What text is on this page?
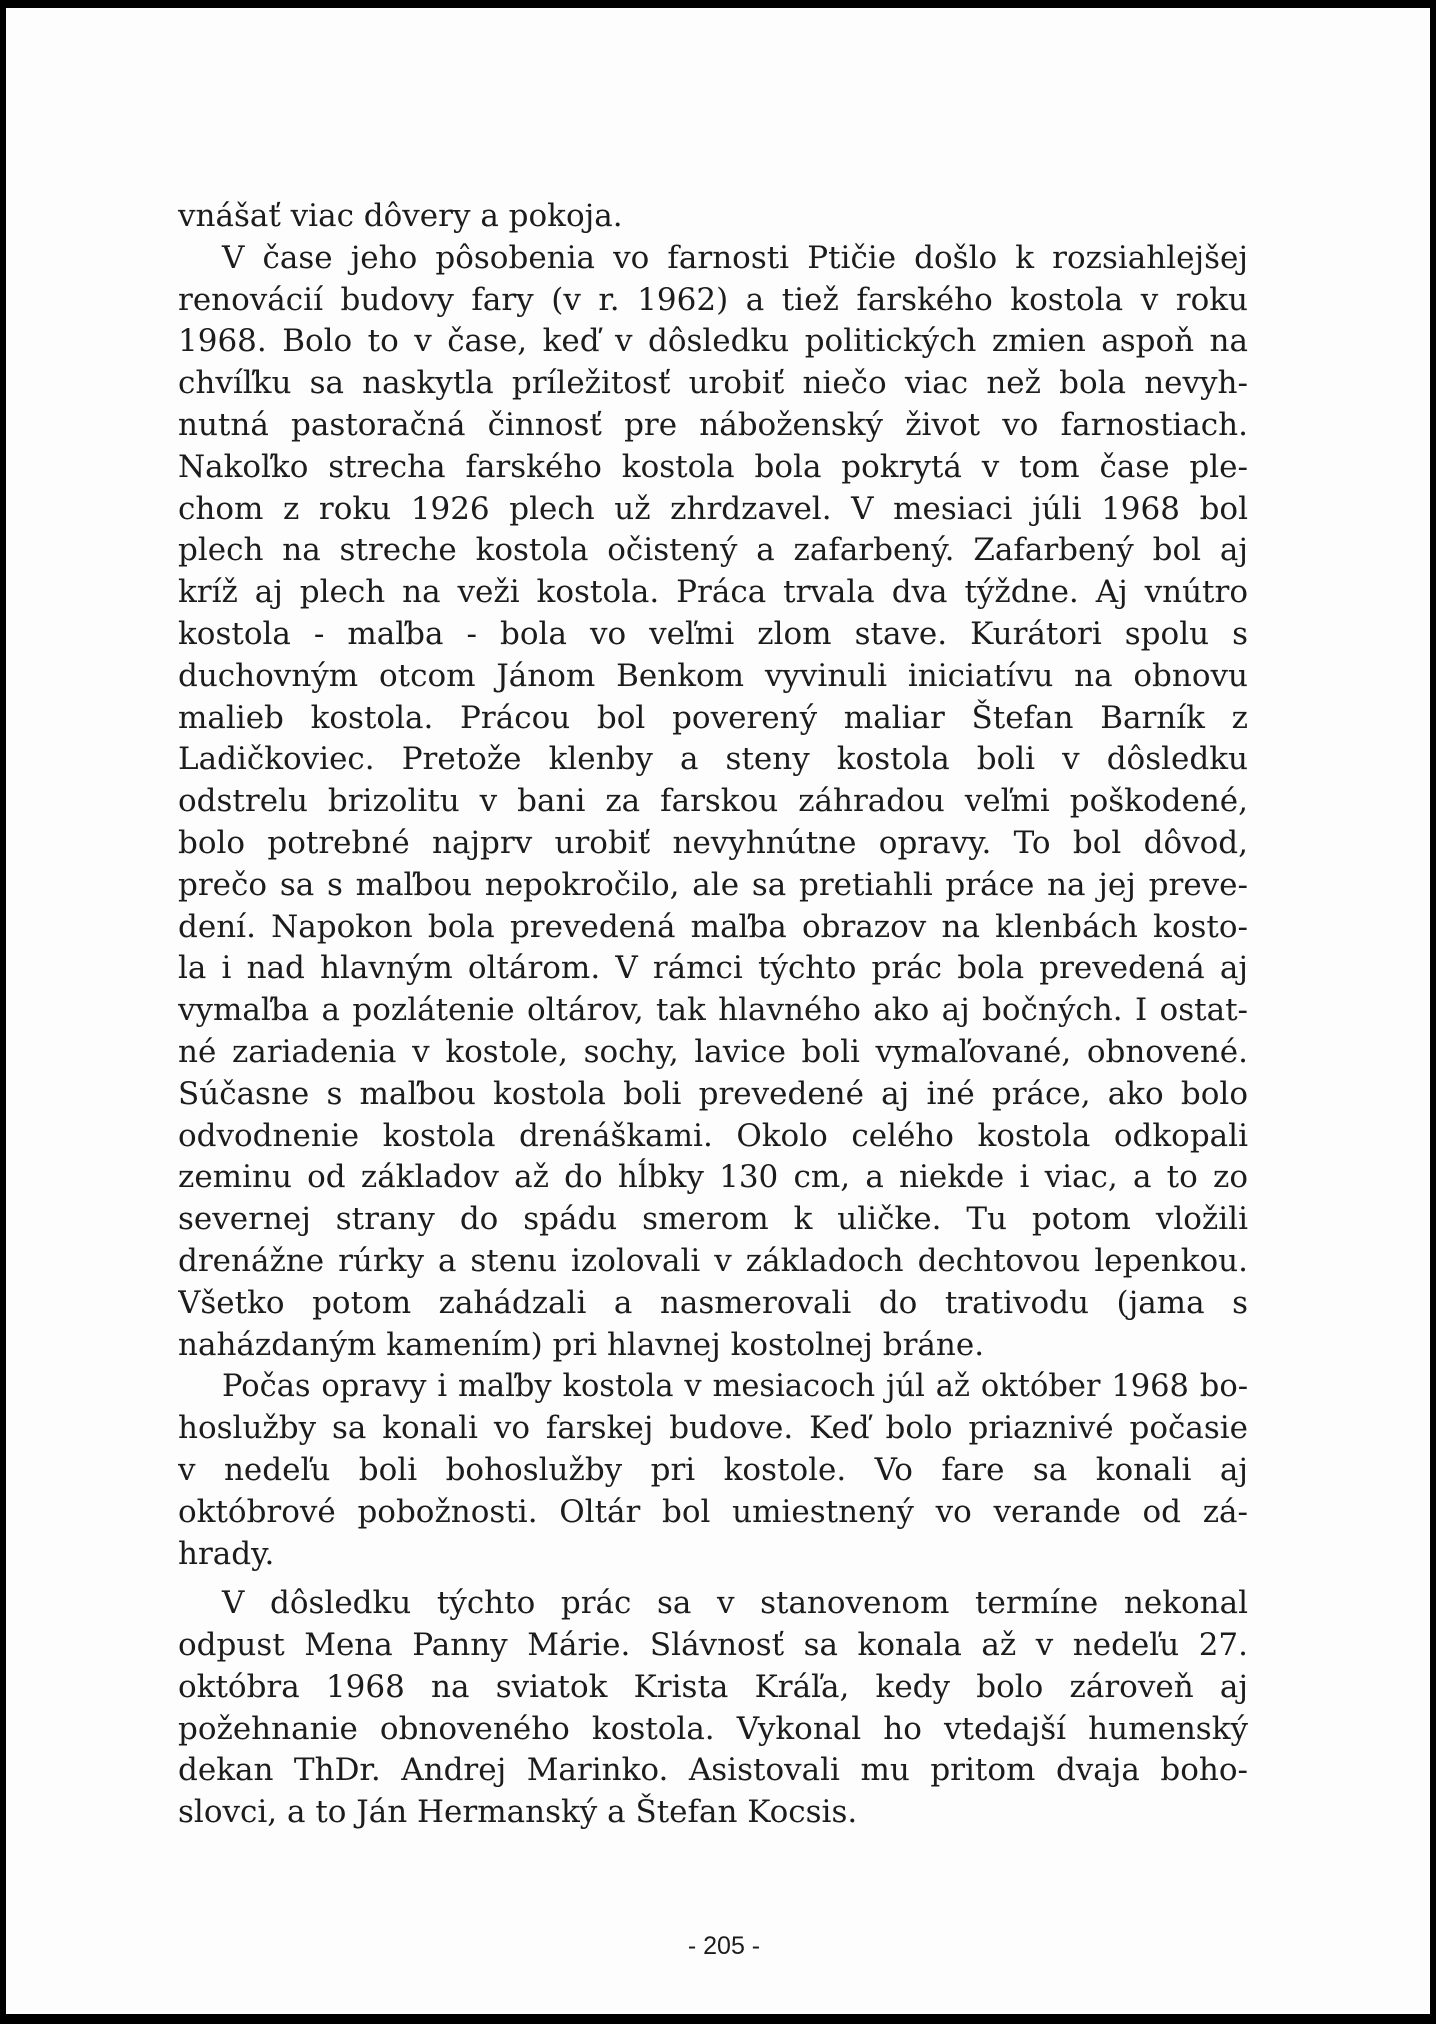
vnášať viac dôvery a pokoja.
V čase jeho pôsobenia vo farnosti Ptičie došlo k rozsiahlejšej
renovácií budovy fary (v r. 1962) a tiež farského kostola v roku
1968. Bolo to v čase, keď v dôsledku politických zmien aspoň na
chvíľku sa naskytla príležitosť urobiť niečo viac než bola nevyh-
nutná pastoračná činnosť pre náboženský život vo farnostiach.
Nakoľko strecha farského kostola bola pokrytá v tom čase ple-
chom z roku 1926 plech už zhrdzavel. V mesiaci júli 1968 bol
plech na streche kostola očistený a zafarbený. Zafarbený bol aj
kríž aj plech na veži kostola. Práca trvala dva týždne. Aj vnútro
kostola - maľba - bola vo veľmi zlom stave. Kurátori spolu s
duchovným otcom Jánom Benkom vyvinuli iniciatívu na obnovu
malieb kostola. Prácou bol poverený maliar Štefan Barník z
Ladičkoviec. Pretože klenby a steny kostola boli v dôsledku
odstrelu brizolitu v bani za farskou záhradou veľmi poškodené,
bolo potrebné najprv urobiť nevyhnútne opravy. To bol dôvod,
prečo sa s maľbou nepokročilo, ale sa pretiahli práce na jej preve-
dení. Napokon bola prevedená maľba obrazov na klenbách kosto-
la i nad hlavným oltárom. V rámci týchto prác bola prevedená aj
vymaľba a pozlátenie oltárov, tak hlavného ako aj bočných. I ostat-
né zariadenia v kostole, sochy, lavice boli vymaľované, obnovené.
Súčasne s maľbou kostola boli prevedené aj iné práce, ako bolo
odvodnenie kostola drenáškami. Okolo celého kostola odkopali
zeminu od základov až do hĺbky 130 cm, a niekde i viac, a to zo
severnej strany do spádu smerom k uličke. Tu potom vložili
drenážne rúrky a stenu izolovali v základoch dechtovou lepenkou.
Všetko potom zahádzali a nasmerovali do trativodu (jama s
naházdaným kamením) pri hlavnej kostolnej bráne.
Počas opravy i maľby kostola v mesiacoch júl až október 1968 bo-
hoslužby sa konali vo farskej budove. Keď bolo priaznivé počasie
v nedeľu boli bohoslužby pri kostole. Vo fare sa konali aj
októbrové pobožnosti. Oltár bol umiestnený vo verande od zá-
hrady.
V dôsledku týchto prác sa v stanovenom termíne nekonal
odpust Mena Panny Márie. Slávnosť sa konala až v nedeľu 27.
októbra 1968 na sviatok Krista Kráľa, kedy bolo zároveň aj
požehnanie obnoveného kostola. Vykonal ho vtedajší humenský
dekan ThDr. Andrej Marinko. Asistovali mu pritom dvaja boho-
slovci, a to Ján Hermanský a Štefan Kocsis.
- 205 -
